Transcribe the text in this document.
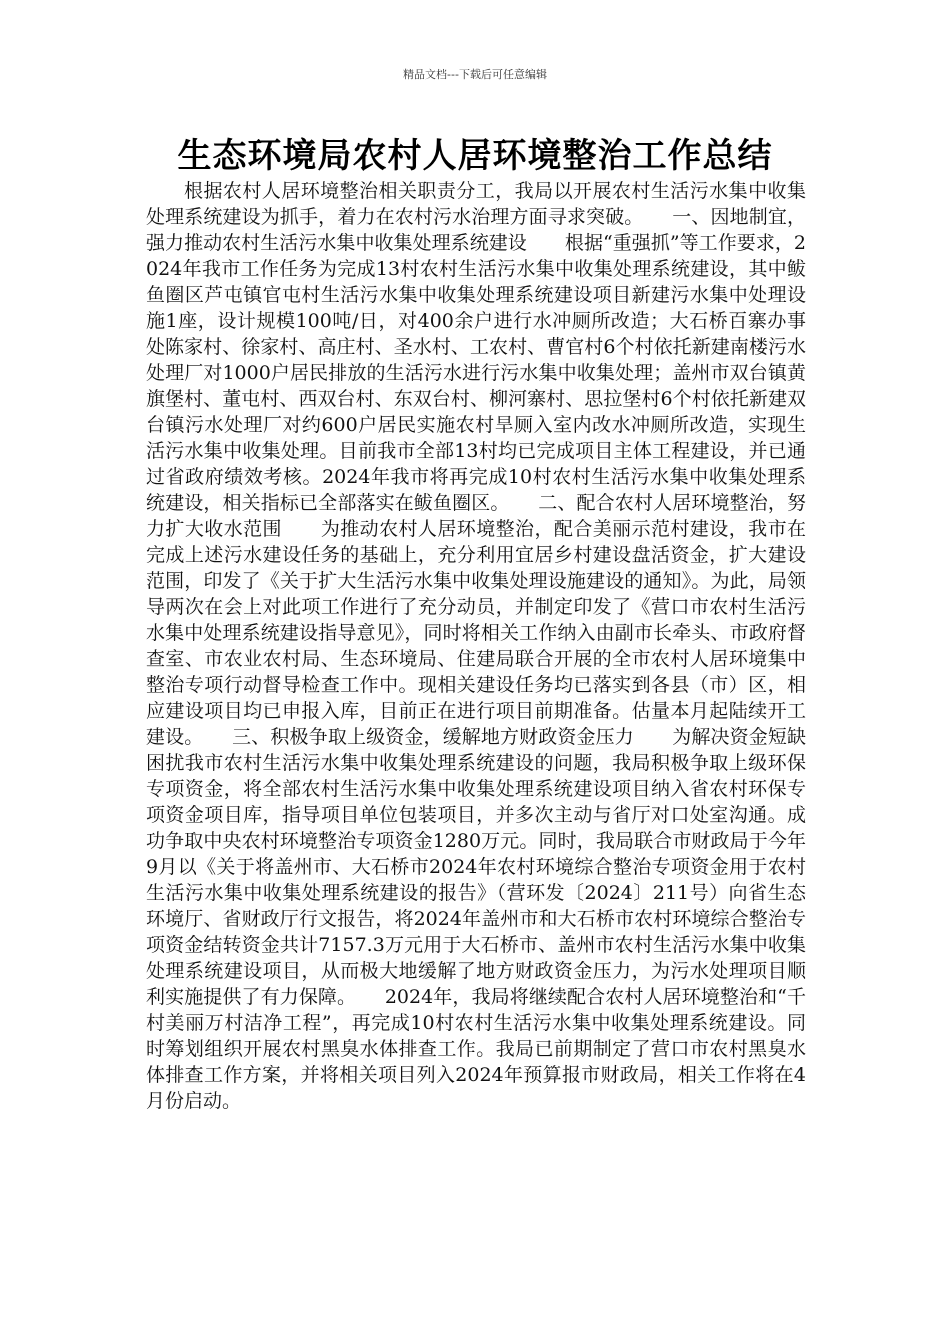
精品文档---下载后可任意编辑
生态环境局农村人居环境整治工作总结

根据农村人居环境整治相关职责分工，我局以开展农村生活污水集中收集处理系统建设为抓手，着力在农村污水治理方面寻求突破。　　一、因地制宜，强力推动农村生活污水集中收集处理系统建设　　根据“重强抓”等工作要求，2024年我市工作任务为完成13村农村生活污水集中收集处理系统建设，其中鲅鱼圈区芦屯镇官屯村生活污水集中收集处理系统建设项目新建污水集中处理设施1座，设计规模100吨/日，对400余户进行水冲厕所改造；大石桥百寨办事处陈家村、徐家村、高庄村、圣水村、工农村、曹官村6个村依托新建南楼污水处理厂对1000户居民排放的生活污水进行污水集中收集处理；盖州市双台镇黄旗堡村、董屯村、西双台村、东双台村、柳河寨村、思拉堡村6个村依托新建双台镇污水处理厂对约600户居民实施农村旱厕入室内改水冲厕所改造，实现生活污水集中收集处理。目前我市全部13村均已完成项目主体工程建设，并已通过省政府绩效考核。2024年我市将再完成10村农村生活污水集中收集处理系统建设，相关指标已全部落实在鲅鱼圈区。　　二、配合农村人居环境整治，努力扩大收水范围　　为推动农村人居环境整治，配合美丽示范村建设，我市在完成上述污水建设任务的基础上，充分利用宜居乡村建设盘活资金，扩大建设范围，印发了《关于扩大生活污水集中收集处理设施建设的通知》。为此，局领导两次在会上对此项工作进行了充分动员，并制定印发了《营口市农村生活污水集中处理系统建设指导意见》，同时将相关工作纳入由副市长牵头、市政府督查室、市农业农村局、生态环境局、住建局联合开展的全市农村人居环境集中整治专项行动督导检查工作中。现相关建设任务均已落实到各县（市）区，相应建设项目均已申报入库，目前正在进行项目前期准备。估量本月起陆续开工建设。　　三、积极争取上级资金，缓解地方财政资金压力　　为解决资金短缺困扰我市农村生活污水集中收集处理系统建设的问题，我局积极争取上级环保专项资金，将全部农村生活污水集中收集处理系统建设项目纳入省农村环保专项资金项目库，指导项目单位包装项目，并多次主动与省厅对口处室沟通。成功争取中央农村环境整治专项资金1280万元。同时，我局联合市财政局于今年9月以《关于将盖州市、大石桥市2024年农村环境综合整治专项资金用于农村生活污水集中收集处理系统建设的报告》（营环发〔2024〕211号）向省生态环境厅、省财政厅行文报告，将2024年盖州市和大石桥市农村环境综合整治专项资金结转资金共计7157.3万元用于大石桥市、盖州市农村生活污水集中收集处理系统建设项目，从而极大地缓解了地方财政资金压力，为污水处理项目顺利实施提供了有力保障。　　2024年，我局将继续配合农村人居环境整治和“千村美丽万村洁净工程”，再完成10村农村生活污水集中收集处理系统建设。同时筹划组织开展农村黑臭水体排查工作。我局已前期制定了营口市农村黑臭水体排查工作方案，并将相关项目列入2024年预算报市财政局，相关工作将在4月份启动。
